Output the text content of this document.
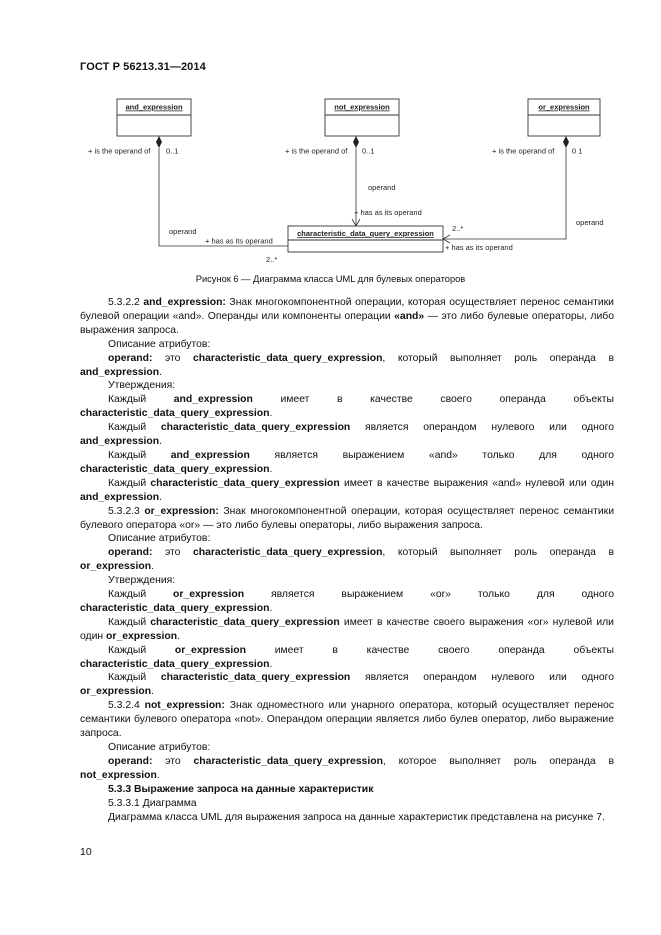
ГОСТ Р 56213.31—2014
and_expression	not_expression	or_expression
characteristic_data_query_expression
+ is the operand of 0..1	+ is the operand of 0..1	+ is the operand of 0 1
operand
+ has as its operand
operand
+ has as its operand
2..*
operand
2..*
+ has as its operand
Рисунок 6 — Диаграмма класса UML для булевых операторов

5.3.2.2 and_expression: Знак многокомпонентной операции, которая осуществляет перенос семантики булевой операции «and». Операнды или компоненты операции «and» — это либо булевые операторы, либо выражения запроса.

Описание атрибутов:

operand: это characteristic_data_query_expression, который выполняет роль операнда в and_expression.

Утверждения:

Каждый and_expression имеет в качестве своего операнда объекты characteristic_data_query_expression.

Каждый characteristic_data_query_expression является операндом нулевого или одного and_expression.

Каждый and_expression является выражением «and» только для одного characteristic_data_query_expression.

Каждый characteristic_data_query_expression имеет в качестве выражения «and» нулевой или один and_expression.

5.3.2.3 or_expression: Знак многокомпонентной операции, которая осуществляет перенос семантики булевого оператора «or» — это либо булевы операторы, либо выражения запроса.

Описание атрибутов:

operand: это characteristic_data_query_expression, который выполняет роль операнда в or_expression.

Утверждения:

Каждый or_expression является выражением «or» только для одного characteristic_data_query_expression.

Каждый characteristic_data_query_expression имеет в качестве своего выражения «or» нулевой или один or_expression.

Каждый or_expression имеет в качестве своего операнда объекты characteristic_data_query_expression.

Каждый characteristic_data_query_expression является операндом нулевого или одного or_expression.

5.3.2.4 not_expression: Знак одноместного или унарного оператора, который осуществляет перенос семантики булевого оператора «not». Операндом операции является либо булев оператор, либо выражение запроса.

Описание атрибутов:

operand: это characteristic_data_query_expression, которое выполняет роль операнда в not_expression.

5.3.3 Выражение запроса на данные характеристик

5.3.3.1 Диаграмма

Диаграмма класса UML для выражения запроса на данные характеристик представлена на рисунке 7.

10
